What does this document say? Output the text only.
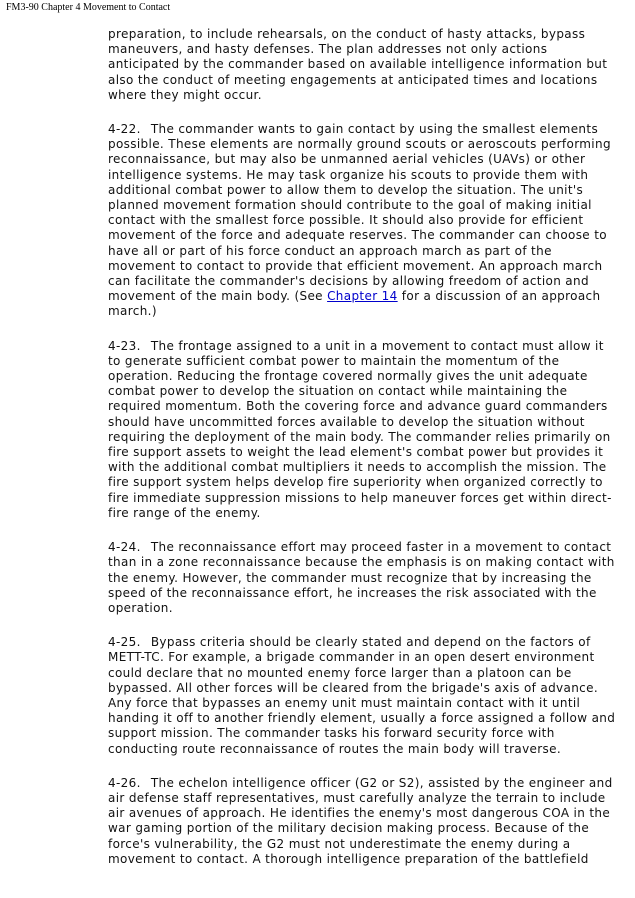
FM3-90 Chapter 4 Movement to Contact
preparation, to include rehearsals, on the conduct of hasty attacks, bypass
maneuvers, and hasty defenses. The plan addresses not only actions
anticipated by the commander based on available intelligence information but
also the conduct of meeting engagements at anticipated times and locations
where they might occur.
4-22. The commander wants to gain contact by using the smallest elements
possible. These elements are normally ground scouts or aeroscouts performing
reconnaissance, but may also be unmanned aerial vehicles (UAVs) or other
intelligence systems. He may task organize his scouts to provide them with
additional combat power to allow them to develop the situation. The unit's
planned movement formation should contribute to the goal of making initial
contact with the smallest force possible. It should also provide for efficient
movement of the force and adequate reserves. The commander can choose to
have all or part of his force conduct an approach march as part of the
movement to contact to provide that efficient movement. An approach march
can facilitate the commander's decisions by allowing freedom of action and
movement of the main body. (See Chapter 14 for a discussion of an approach
march.)
4-23. The frontage assigned to a unit in a movement to contact must allow it
to generate sufficient combat power to maintain the momentum of the
operation. Reducing the frontage covered normally gives the unit adequate
combat power to develop the situation on contact while maintaining the
required momentum. Both the covering force and advance guard commanders
should have uncommitted forces available to develop the situation without
requiring the deployment of the main body. The commander relies primarily on
fire support assets to weight the lead element's combat power but provides it
with the additional combat multipliers it needs to accomplish the mission. The
fire support system helps develop fire superiority when organized correctly to
fire immediate suppression missions to help maneuver forces get within direct-
fire range of the enemy.
4-24. The reconnaissance effort may proceed faster in a movement to contact
than in a zone reconnaissance because the emphasis is on making contact with
the enemy. However, the commander must recognize that by increasing the
speed of the reconnaissance effort, he increases the risk associated with the
operation.
4-25. Bypass criteria should be clearly stated and depend on the factors of
METT-TC. For example, a brigade commander in an open desert environment
could declare that no mounted enemy force larger than a platoon can be
bypassed. All other forces will be cleared from the brigade's axis of advance.
Any force that bypasses an enemy unit must maintain contact with it until
handing it off to another friendly element, usually a force assigned a follow and
support mission. The commander tasks his forward security force with
conducting route reconnaissance of routes the main body will traverse.
4-26. The echelon intelligence officer (G2 or S2), assisted by the engineer and
air defense staff representatives, must carefully analyze the terrain to include
air avenues of approach. He identifies the enemy's most dangerous COA in the
war gaming portion of the military decision making process. Because of the
force's vulnerability, the G2 must not underestimate the enemy during a
movement to contact. A thorough intelligence preparation of the battlefield
